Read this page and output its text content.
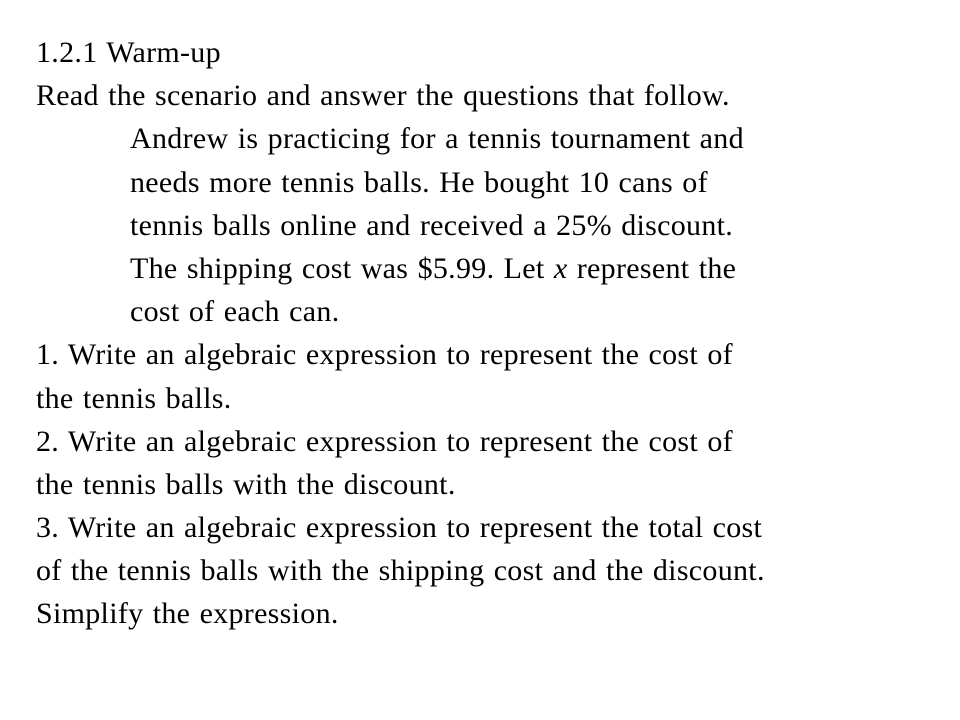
1.2.1 Warm-up
Read the scenario and answer the questions that follow.
Andrew is practicing for a tennis tournament and
needs more tennis balls. He bought 10 cans of
tennis balls online and received a 25% discount.
The shipping cost was $5.99. Let x represent the
cost of each can.
1. Write an algebraic expression to represent the cost of
the tennis balls.
2. Write an algebraic expression to represent the cost of
the tennis balls with the discount.
3. Write an algebraic expression to represent the total cost
of the tennis balls with the shipping cost and the discount.
Simplify the expression.
